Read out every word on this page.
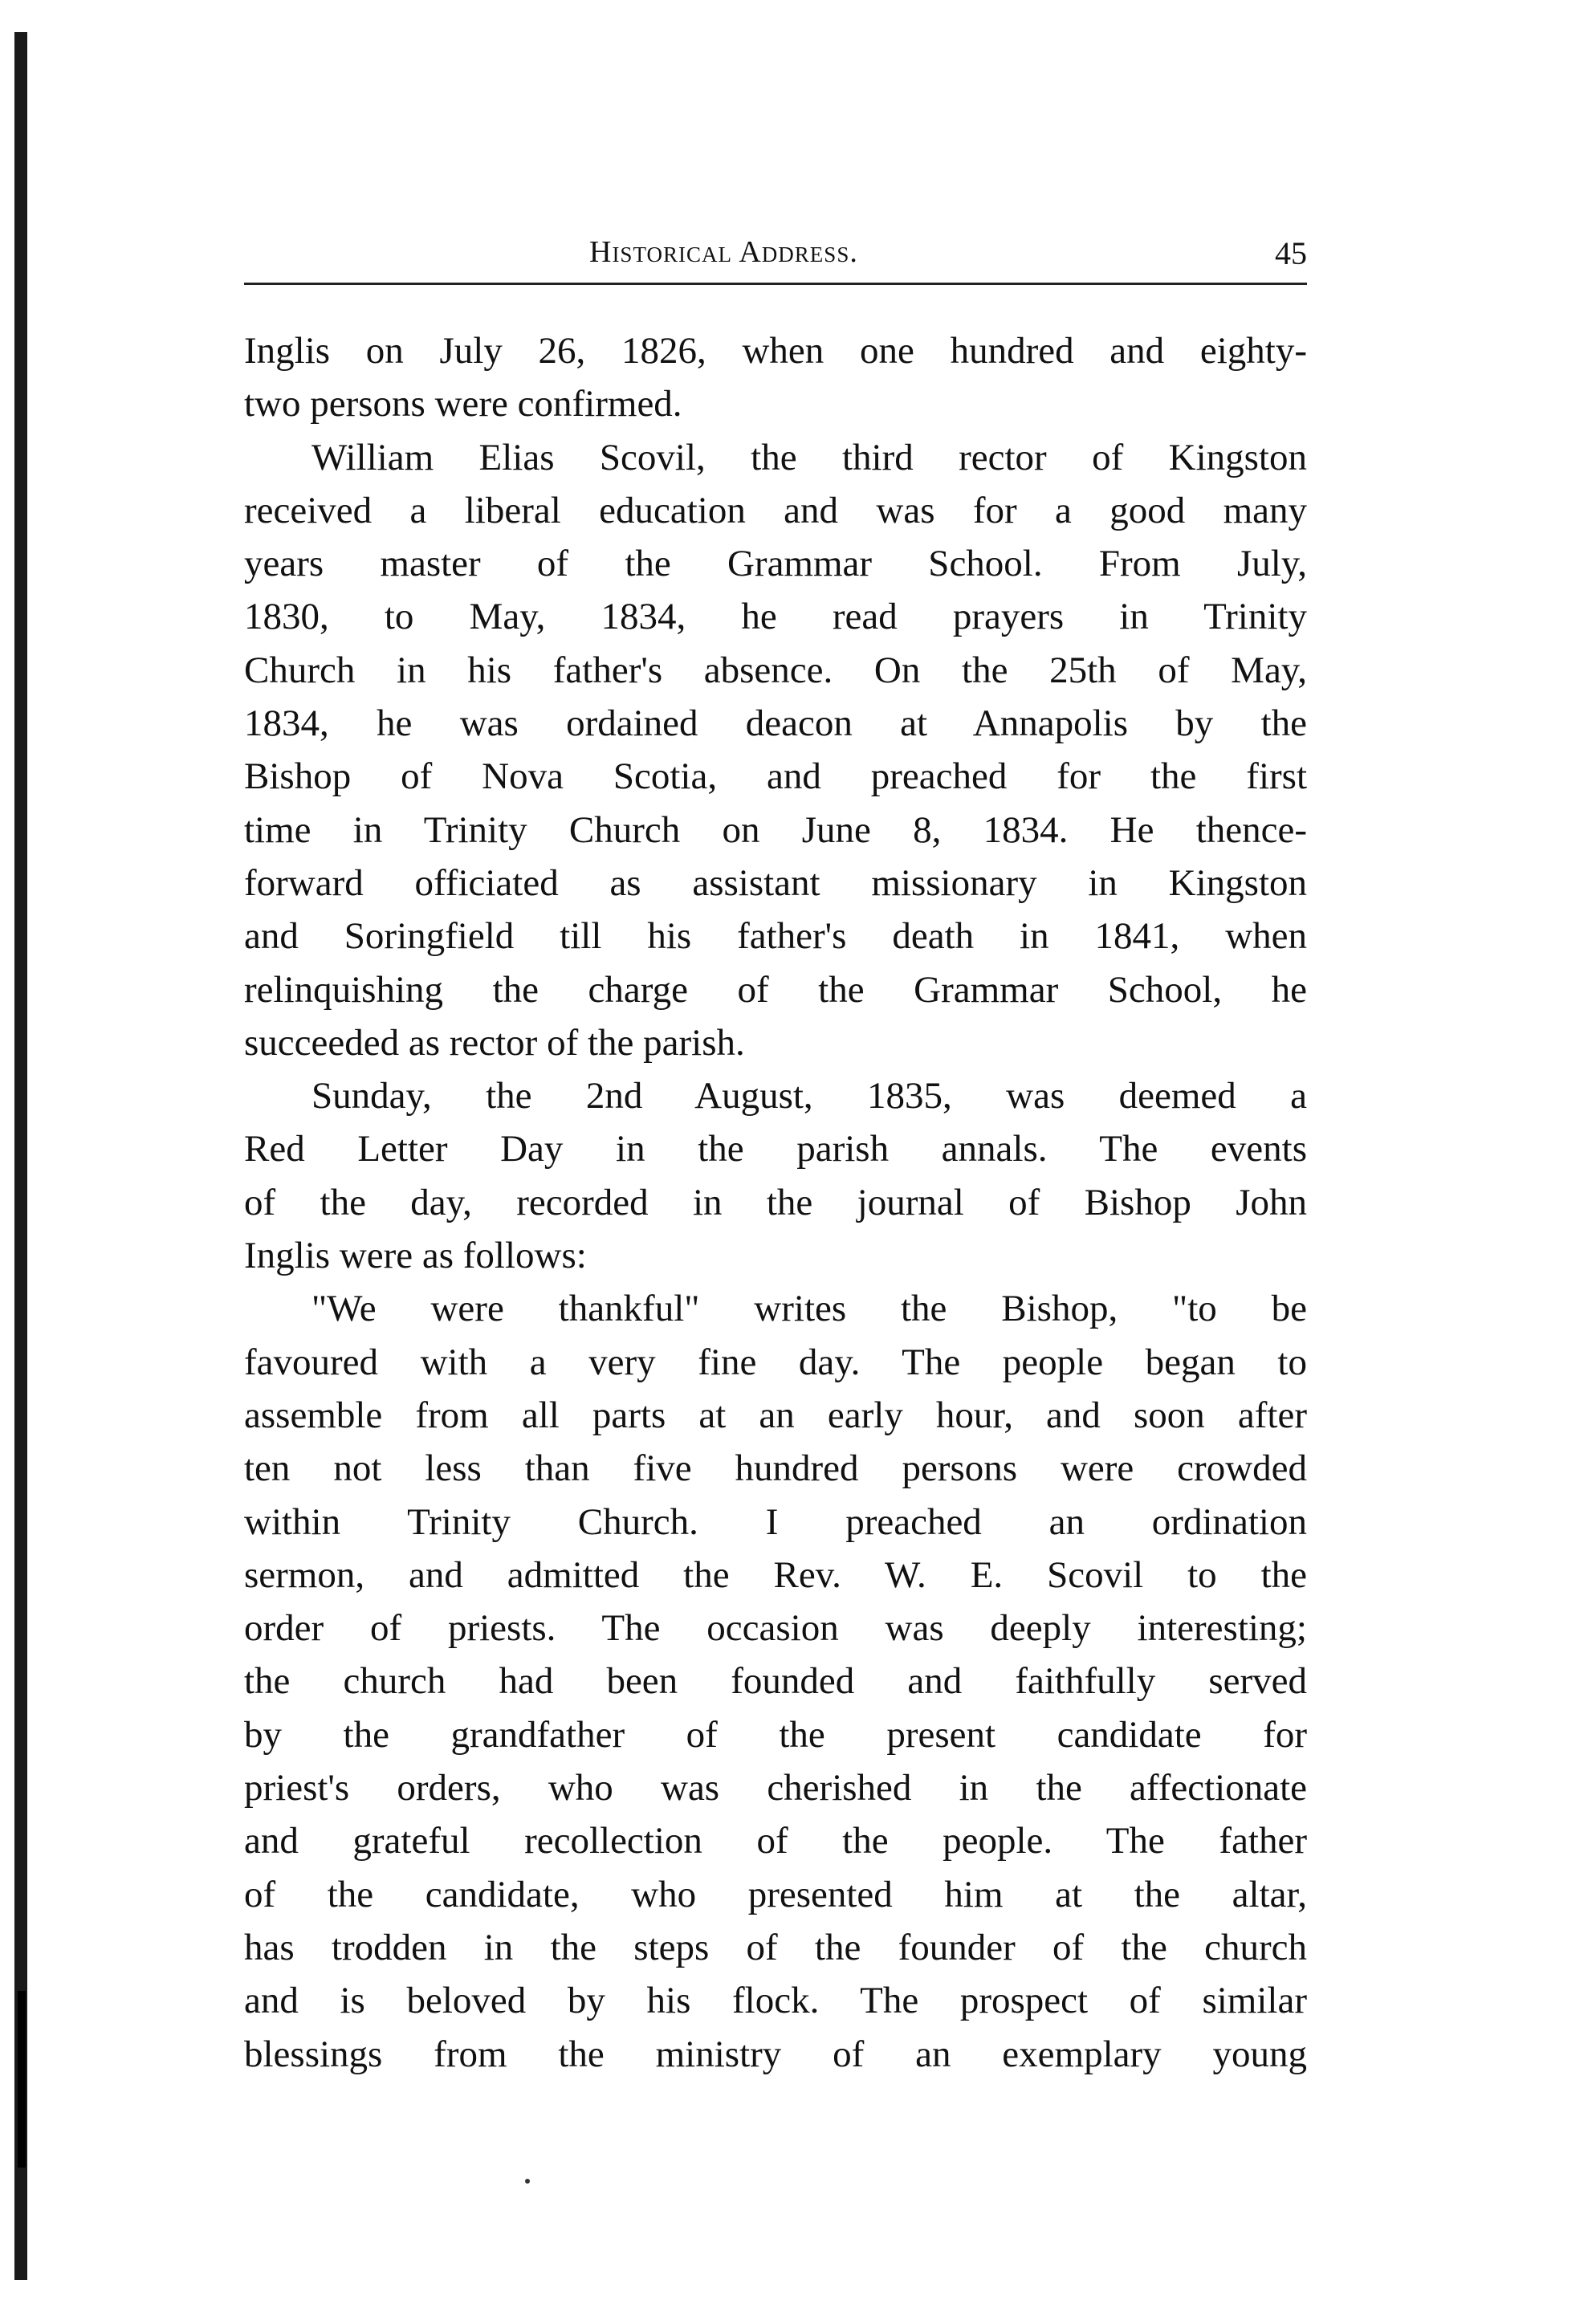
Historical Address.	45
Inglis on July 26, 1826, when one hundred and eighty-
two persons were confirmed.
William Elias Scovil, the third rector of Kingston
received a liberal education and was for a good many
years master of the Grammar School. From July,
1830, to May, 1834, he read prayers in Trinity
Church in his father's absence. On the 25th of May,
1834, he was ordained deacon at Annapolis by the
Bishop of Nova Scotia, and preached for the first
time in Trinity Church on June 8, 1834. He thence-
forward officiated as assistant missionary in Kingston
and Soringfield till his father's death in 1841, when
relinquishing the charge of the Grammar School, he
succeeded as rector of the parish.
Sunday, the 2nd August, 1835, was deemed a
Red Letter Day in the parish annals. The events
of the day, recorded in the journal of Bishop John
Inglis were as follows:
"We were thankful" writes the Bishop, "to be
favoured with a very fine day. The people began to
assemble from all parts at an early hour, and soon after
ten not less than five hundred persons were crowded
within Trinity Church. I preached an ordination
sermon, and admitted the Rev. W. E. Scovil to the
order of priests. The occasion was deeply interesting;
the church had been founded and faithfully served
by the grandfather of the present candidate for
priest's orders, who was cherished in the affectionate
and grateful recollection of the people. The father
of the candidate, who presented him at the altar,
has trodden in the steps of the founder of the church
and is beloved by his flock. The prospect of similar
blessings from the ministry of an exemplary young
